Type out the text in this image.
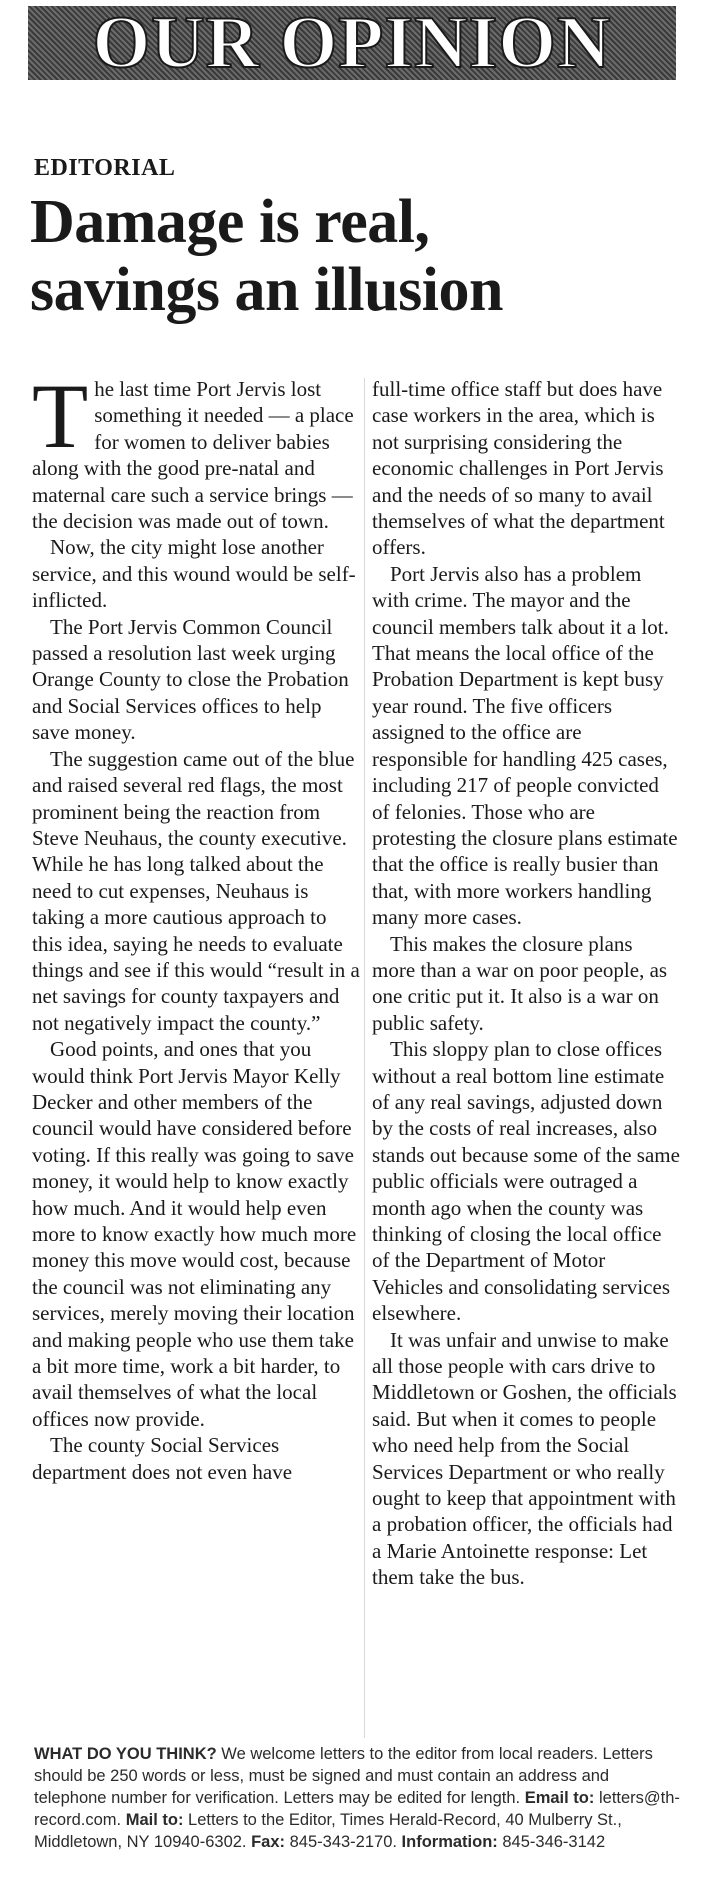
OUR OPINION
EDITORIAL
Damage is real,
savings an illusion

The last time Port Jervis lost something it needed — a place for women to deliver babies along with the good pre-natal and maternal care such a service brings — the decision was made out of town.

Now, the city might lose another service, and this wound would be self-inflicted.

The Port Jervis Common Council passed a resolution last week urging Orange County to close the Probation and Social Services offices to help save money.

The suggestion came out of the blue and raised several red flags, the most prominent being the reaction from Steve Neuhaus, the county executive. While he has long talked about the need to cut expenses, Neuhaus is taking a more cautious approach to this idea, saying he needs to evaluate things and see if this would “result in a net savings for county taxpayers and not negatively impact the county.”

Good points, and ones that you would think Port Jervis Mayor Kelly Decker and other members of the council would have considered before voting. If this really was going to save money, it would help to know exactly how much. And it would help even more to know exactly how much more money this move would cost, because the council was not eliminating any services, merely moving their location and making people who use them take a bit more time, work a bit harder, to avail themselves of what the local offices now provide.

The county Social Services department does not even have

full-time office staff but does have case workers in the area, which is not surprising considering the economic challenges in Port Jervis and the needs of so many to avail themselves of what the department offers.

Port Jervis also has a problem with crime. The mayor and the council members talk about it a lot. That means the local office of the Probation Department is kept busy year round. The five officers assigned to the office are responsible for handling 425 cases, including 217 of people convicted of felonies. Those who are protesting the closure plans estimate that the office is really busier than that, with more workers handling many more cases.

This makes the closure plans more than a war on poor people, as one critic put it. It also is a war on public safety.

This sloppy plan to close offices without a real bottom line estimate of any real savings, adjusted down by the costs of real increases, also stands out because some of the same public officials were outraged a month ago when the county was thinking of closing the local office of the Department of Motor Vehicles and consolidating services elsewhere.

It was unfair and unwise to make all those people with cars drive to Middletown or Goshen, the officials said. But when it comes to people who need help from the Social Services Department or who really ought to keep that appointment with a probation officer, the officials had a Marie Antoinette response: Let them take the bus.

WHAT DO YOU THINK? We welcome letters to the editor from local readers. Letters should be 250 words or less, must be signed and must contain an address and telephone number for verification. Letters may be edited for length. Email to: letters@th-record.com. Mail to: Letters to the Editor, Times Herald-Record, 40 Mulberry St., Middletown, NY 10940-6302. Fax: 845-343-2170. Information: 845-346-3142
